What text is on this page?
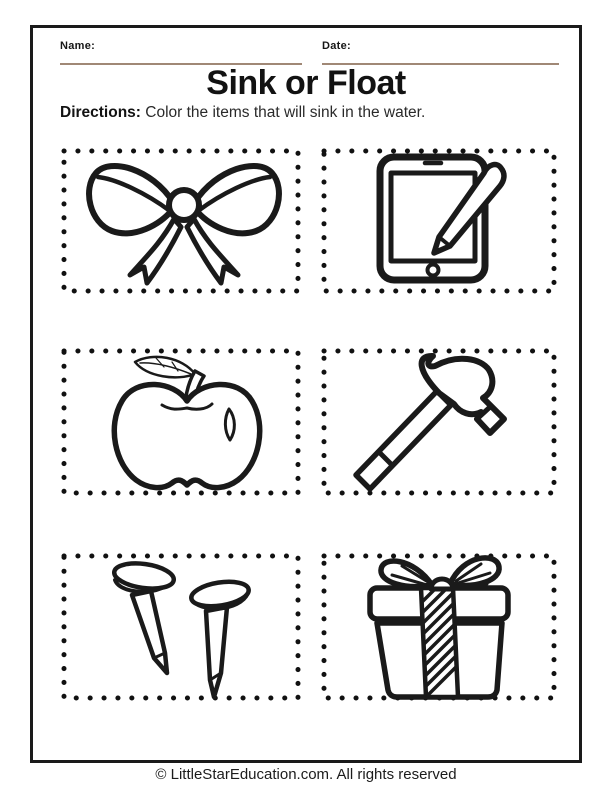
Name:	Date:
Sink or Float
Directions: Color the items that will sink in the water.
© LittleStarEducation.com. All rights reserved
